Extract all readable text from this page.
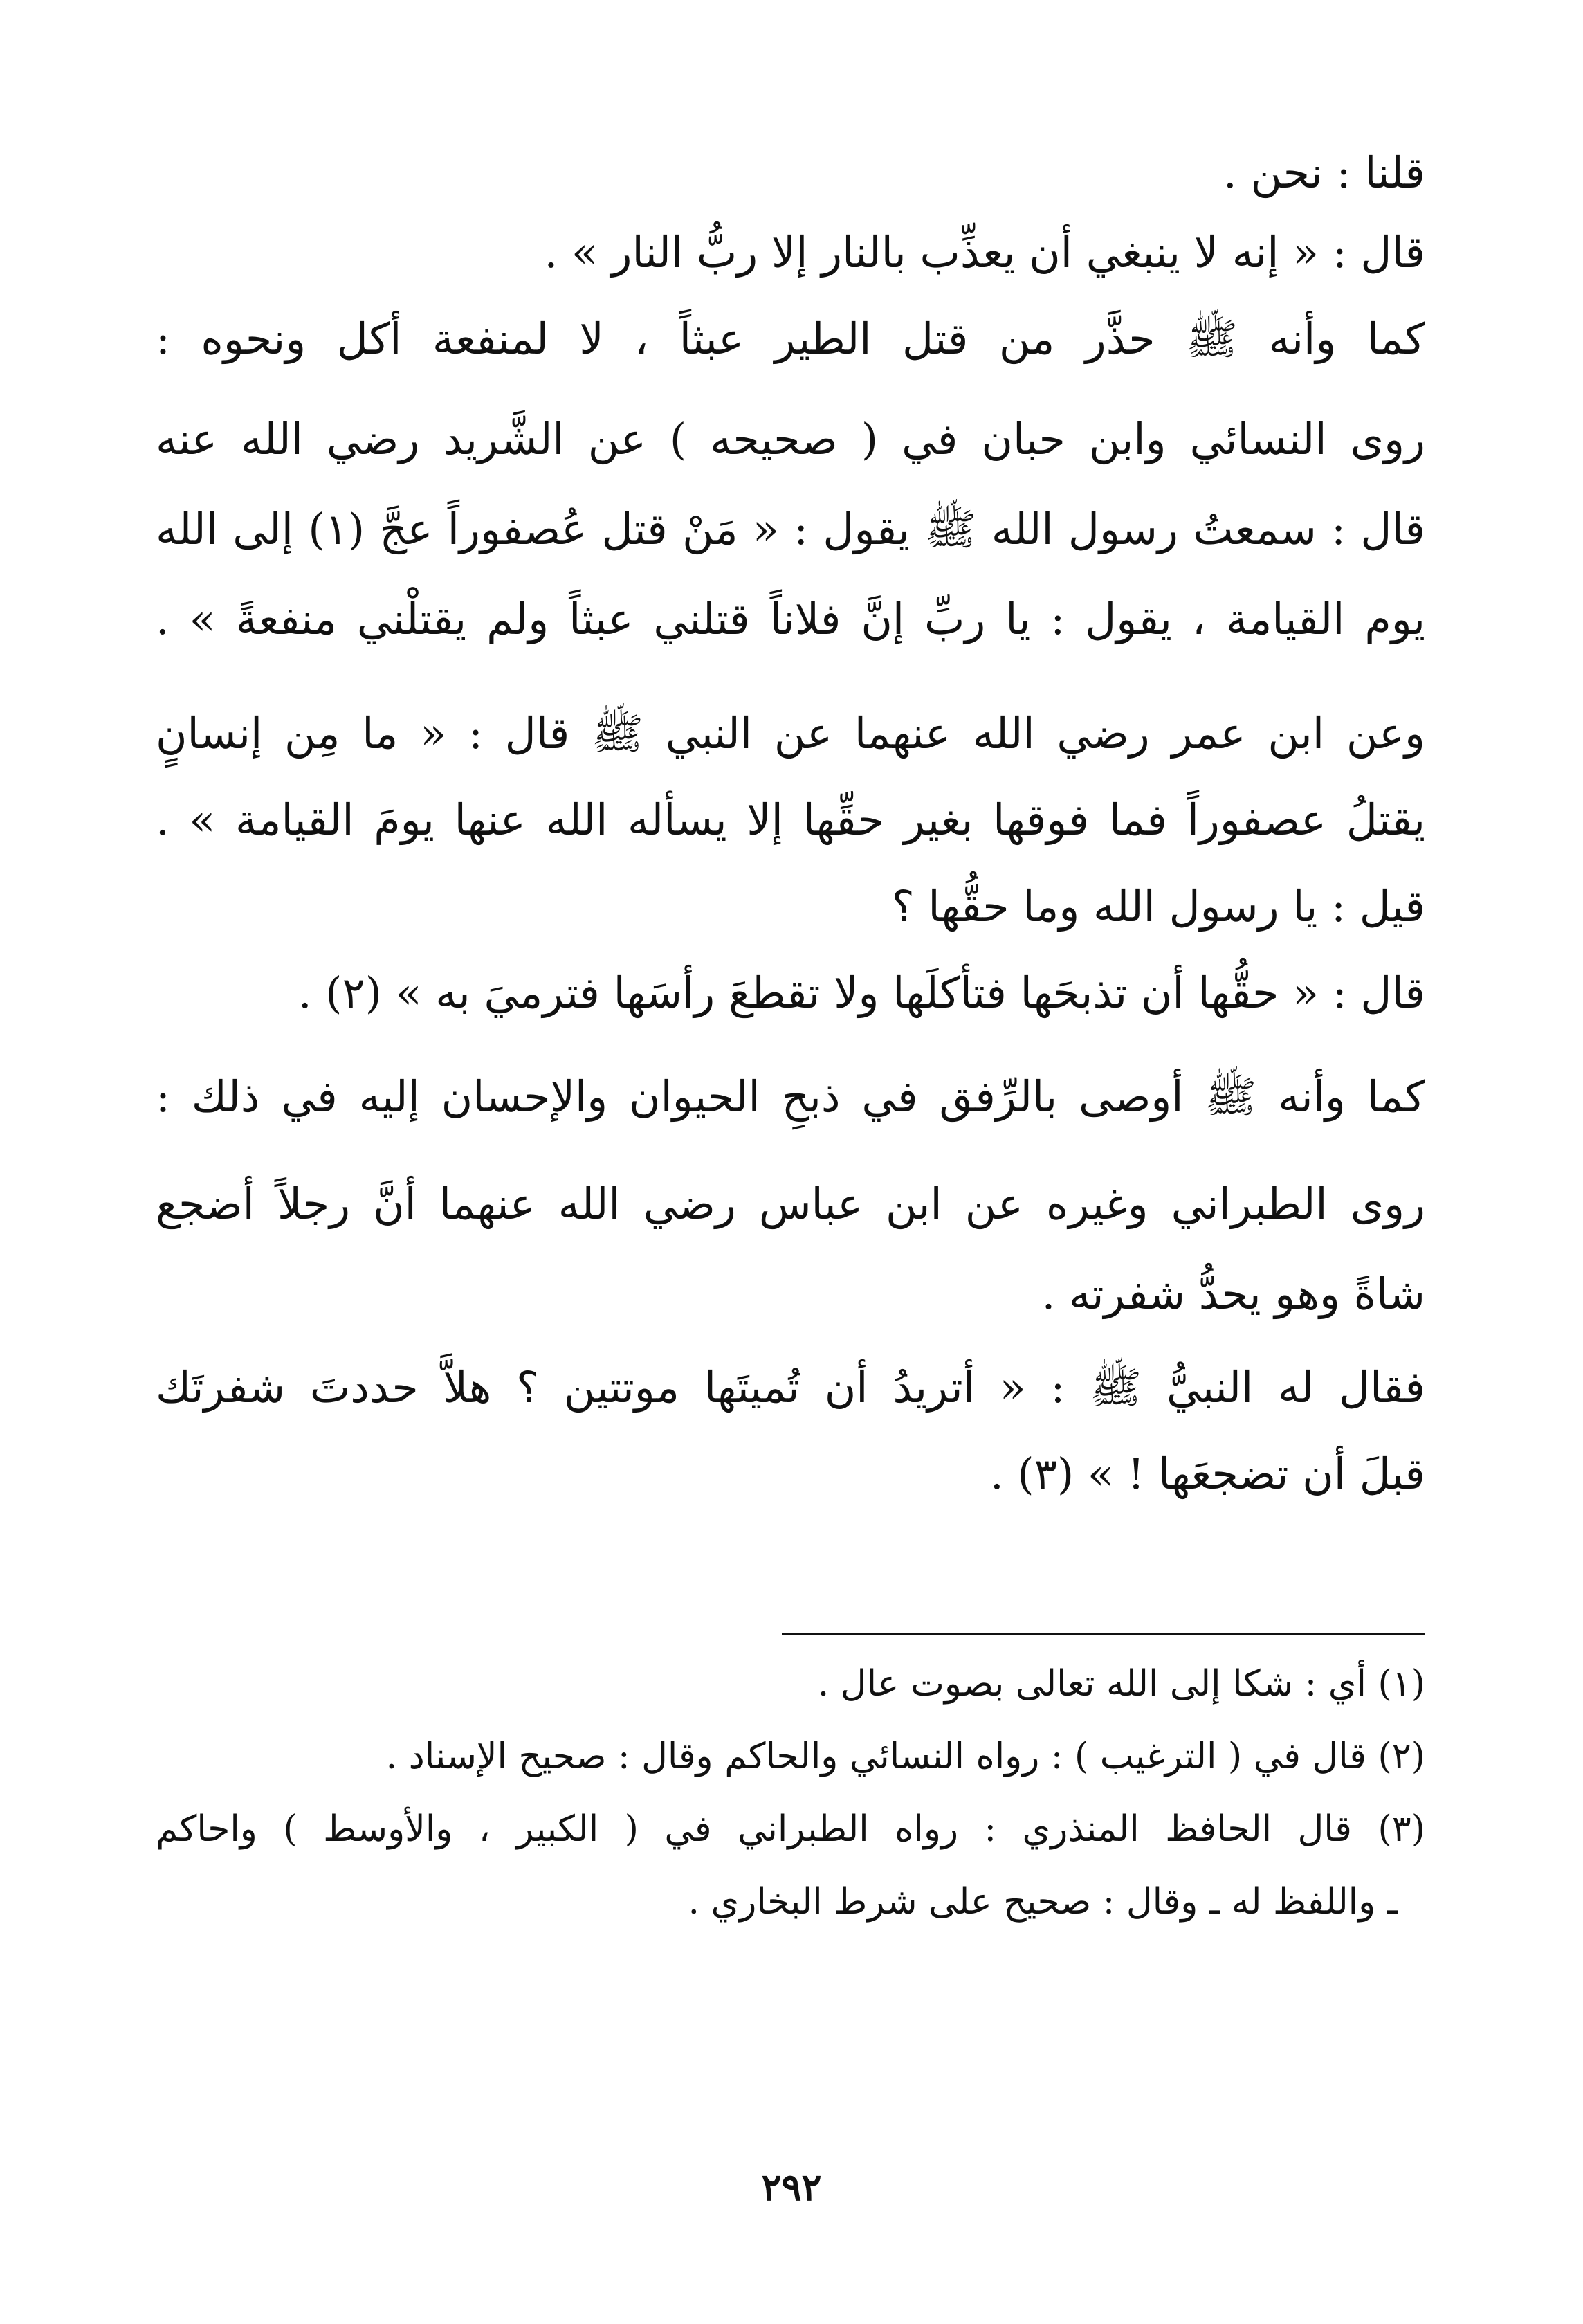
قلنا : نحن .
قال : « إنه لا ينبغي أن يعذِّب بالنار إلا ربُّ النار » .
كما وأنه ﷺ حذَّر من قتل الطير عبثاً ، لا لمنفعة أكل ونحوه :
روى النسائي وابن حبان في ( صحيحه ) عن الشَّريد رضي الله عنه
قال : سمعتُ رسول الله ﷺ يقول : « مَنْ قتل عُصفوراً عجَّ (١) إلى الله
يوم القيامة ، يقول : يا ربِّ إنَّ فلاناً قتلني عبثاً ولم يقتلْني منفعةً » .
وعن ابن عمر رضي الله عنهما عن النبي ﷺ قال : « ما مِن إنسانٍ
يقتلُ عصفوراً فما فوقها بغير حقِّها إلا يسأله الله عنها يومَ القيامة » .
قيل : يا رسول الله وما حقُّها ؟
قال : « حقُّها أن تذبحَها فتأكلَها ولا تقطعَ رأسَها فترميَ به » (٢) .
كما وأنه ﷺ أوصى بالرِّفق في ذبحِ الحيوان والإحسان إليه في ذلك :
روى الطبراني وغيره عن ابن عباس رضي الله عنهما أنَّ رجلاً أضجع
شاةً وهو يحدُّ شفرته .
فقال له النبيُّ ﷺ : « أتريدُ أن تُميتَها موتتين ؟ هلاَّ حددتَ شفرتَك
قبلَ أن تضجعَها ! » (٣) .
(١) أي : شكا إلى الله تعالى بصوت عال .
(٢) قال في ( الترغيب ) : رواه النسائي والحاكم وقال : صحيح الإسناد .
(٣) قال الحافظ المنذري : رواه الطبراني في ( الكبير ، والأوسط ) واحاكم
ـ واللفظ له ـ وقال : صحيح على شرط البخاري .
٢٩٢
